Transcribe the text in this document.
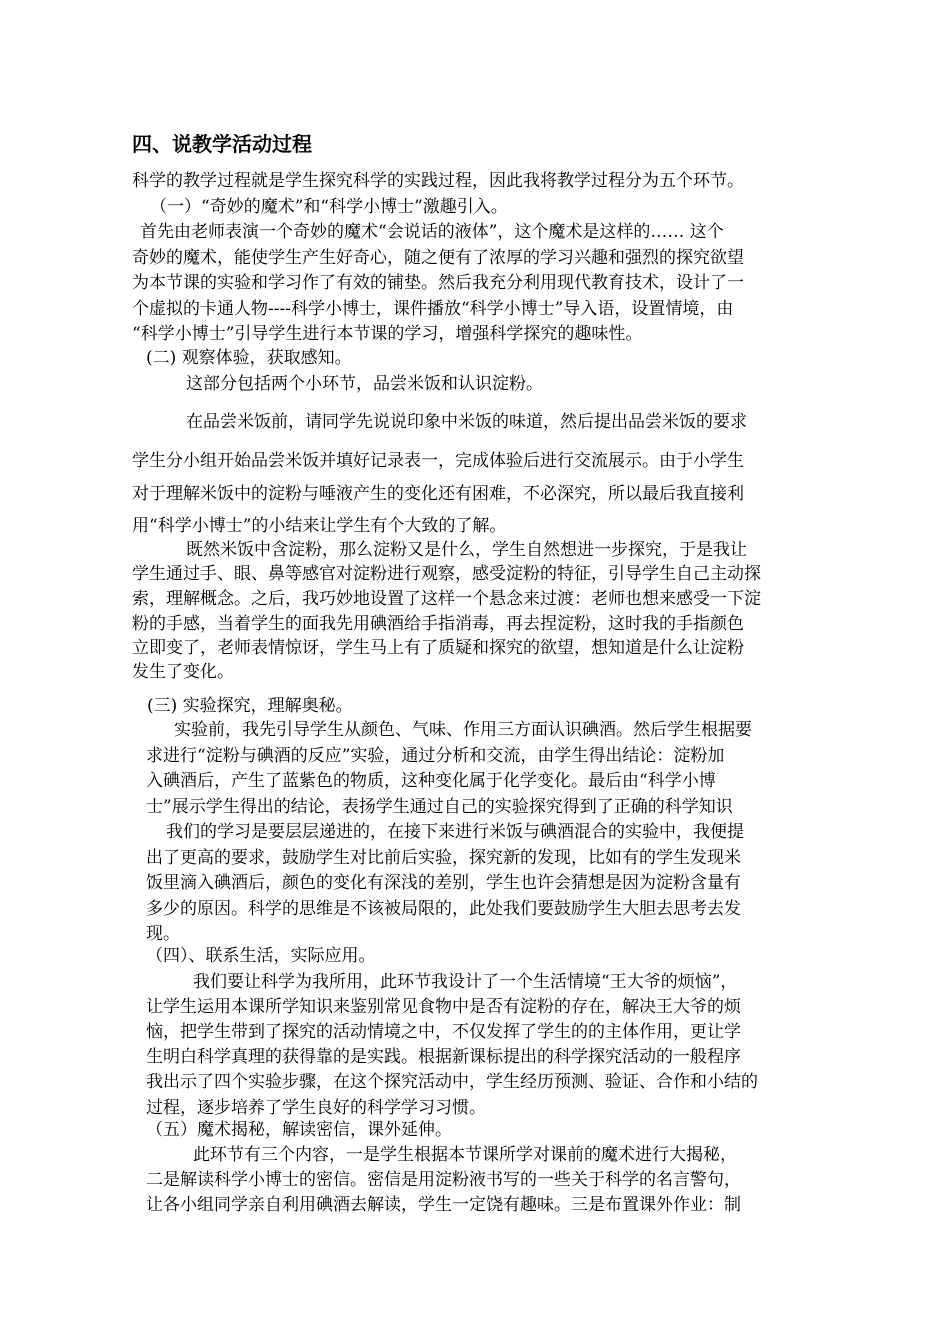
四、说教学活动过程
科学的教学过程就是学生探究科学的实践过程，因此我将教学过程分为五个环节。
（一）“奇妙的魔术”和“科学小博士”激趣引入。
首先由老师表演一个奇妙的魔术“会说话的液体”，这个魔术是这样的…… 这个
奇妙的魔术，能使学生产生好奇心，随之便有了浓厚的学习兴趣和强烈的探究欲望
为本节课的实验和学习作了有效的铺垫。然后我充分利用现代教育技术，设计了一
个虚拟的卡通人物----科学小博士，课件播放“科学小博士”导入语，设置情境，由
“科学小博士”引导学生进行本节课的学习，增强科学探究的趣味性。
(二) 观察体验，获取感知。
这部分包括两个小环节，品尝米饭和认识淀粉。
在品尝米饭前，请同学先说说印象中米饭的味道，然后提出品尝米饭的要求
学生分小组开始品尝米饭并填好记录表一，完成体验后进行交流展示。由于小学生
对于理解米饭中的淀粉与唾液产生的变化还有困难，不必深究，所以最后我直接利
用“科学小博士”的小结来让学生有个大致的了解。
既然米饭中含淀粉，那么淀粉又是什么，学生自然想进一步探究，于是我让
学生通过手、眼、鼻等感官对淀粉进行观察，感受淀粉的特征，引导学生自己主动探
索，理解概念。之后，我巧妙地设置了这样一个悬念来过渡：老师也想来感受一下淀
粉的手感，当着学生的面我先用碘酒给手指消毒，再去捏淀粉，这时我的手指颜色
立即变了，老师表情惊讶，学生马上有了质疑和探究的欲望，想知道是什么让淀粉
发生了变化。
(三) 实验探究，理解奥秘。
实验前，我先引导学生从颜色、气味、作用三方面认识碘酒。然后学生根据要
求进行“淀粉与碘酒的反应”实验，通过分析和交流，由学生得出结论：淀粉加
入碘酒后，产生了蓝紫色的物质，这种变化属于化学变化。最后由“科学小博
士”展示学生得出的结论，表扬学生通过自己的实验探究得到了正确的科学知识
我们的学习是要层层递进的，在接下来进行米饭与碘酒混合的实验中，我便提
出了更高的要求，鼓励学生对比前后实验，探究新的发现，比如有的学生发现米
饭里滴入碘酒后，颜色的变化有深浅的差别，学生也许会猜想是因为淀粉含量有
多少的原因。科学的思维是不该被局限的，此处我们要鼓励学生大胆去思考去发
现。
（四）、联系生活，实际应用。
我们要让科学为我所用，此环节我设计了一个生活情境“王大爷的烦恼”，
让学生运用本课所学知识来鉴别常见食物中是否有淀粉的存在，解决王大爷的烦
恼，把学生带到了探究的活动情境之中，不仅发挥了学生的的主体作用，更让学
生明白科学真理的获得靠的是实践。根据新课标提出的科学探究活动的一般程序
我出示了四个实验步骤，在这个探究活动中，学生经历预测、验证、合作和小结的
过程，逐步培养了学生良好的科学学习习惯。
（五）魔术揭秘，解读密信，课外延伸。
此环节有三个内容，一是学生根据本节课所学对课前的魔术进行大揭秘，
二是解读科学小博士的密信。密信是用淀粉液书写的一些关于科学的名言警句，
让各小组同学亲自利用碘酒去解读，学生一定饶有趣味。三是布置课外作业：制
